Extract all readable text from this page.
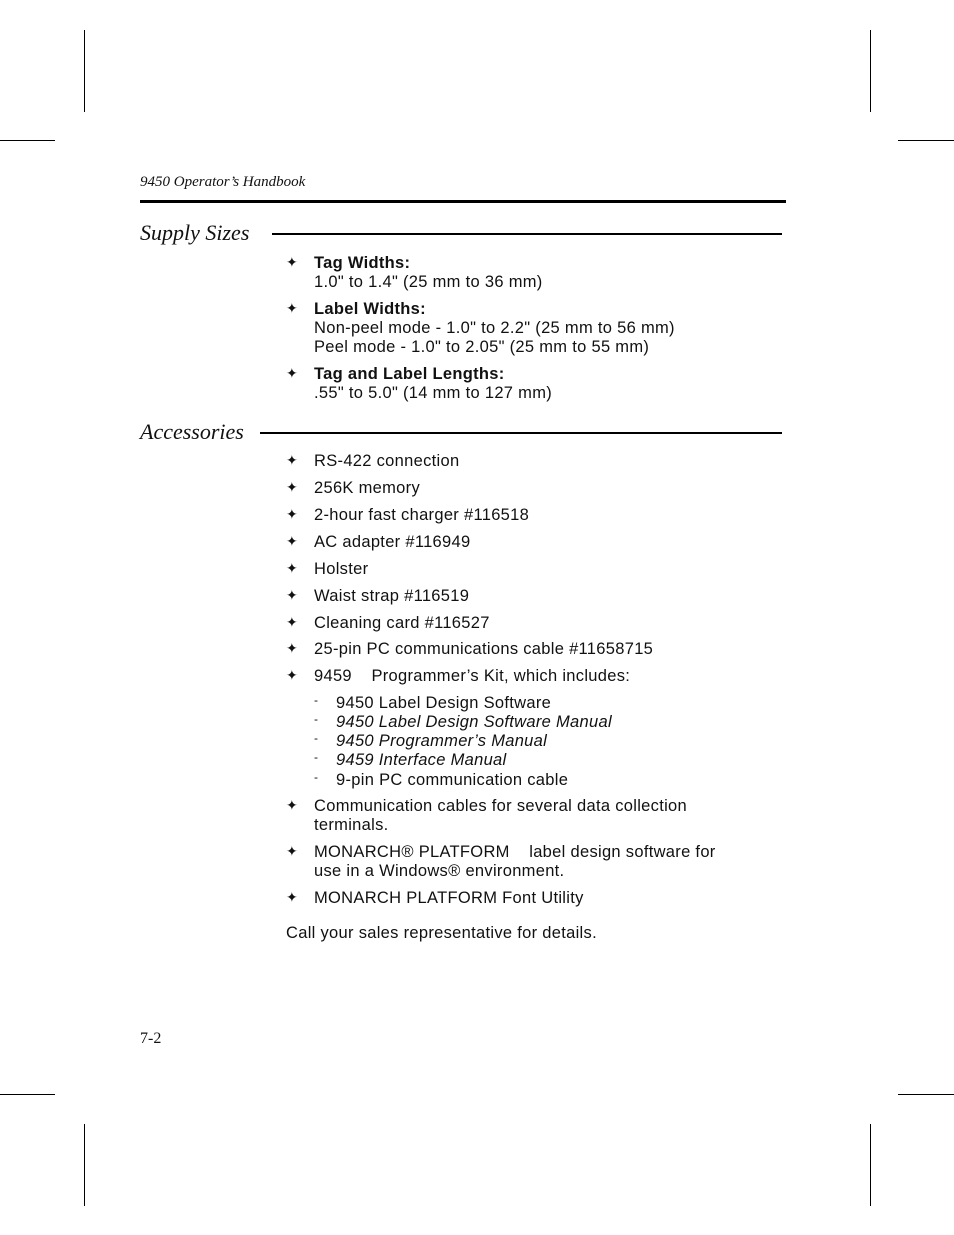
9450 Operator’s Handbook
Supply Sizes
✦ Tag Widths:
1.0" to 1.4" (25 mm to 36 mm)
✦ Label Widths:
Non-peel mode - 1.0" to 2.2" (25 mm to 56 mm)
Peel mode - 1.0" to 2.05" (25 mm to 55 mm)
✦ Tag and Label Lengths:
.55" to 5.0" (14 mm to 127 mm)
Accessories
✦ RS-422 connection
✦ 256K memory
✦ 2-hour fast charger #116518
✦ AC adapter #116949
✦ Holster
✦ Waist strap #116519
✦ Cleaning card #116527
✦ 25-pin PC communications cable #11658715
✦ 9459    Programmer’s Kit, which includes:
- 9450 Label Design Software
- 9450 Label Design Software Manual
- 9450 Programmer’s Manual
- 9459 Interface Manual
- 9-pin PC communication cable
✦ Communication cables for several data collection
terminals.
✦ MONARCH® PLATFORM    label design software for
use in a Windows® environment.
✦ MONARCH PLATFORM Font Utility
Call your sales representative for details.
7-2
